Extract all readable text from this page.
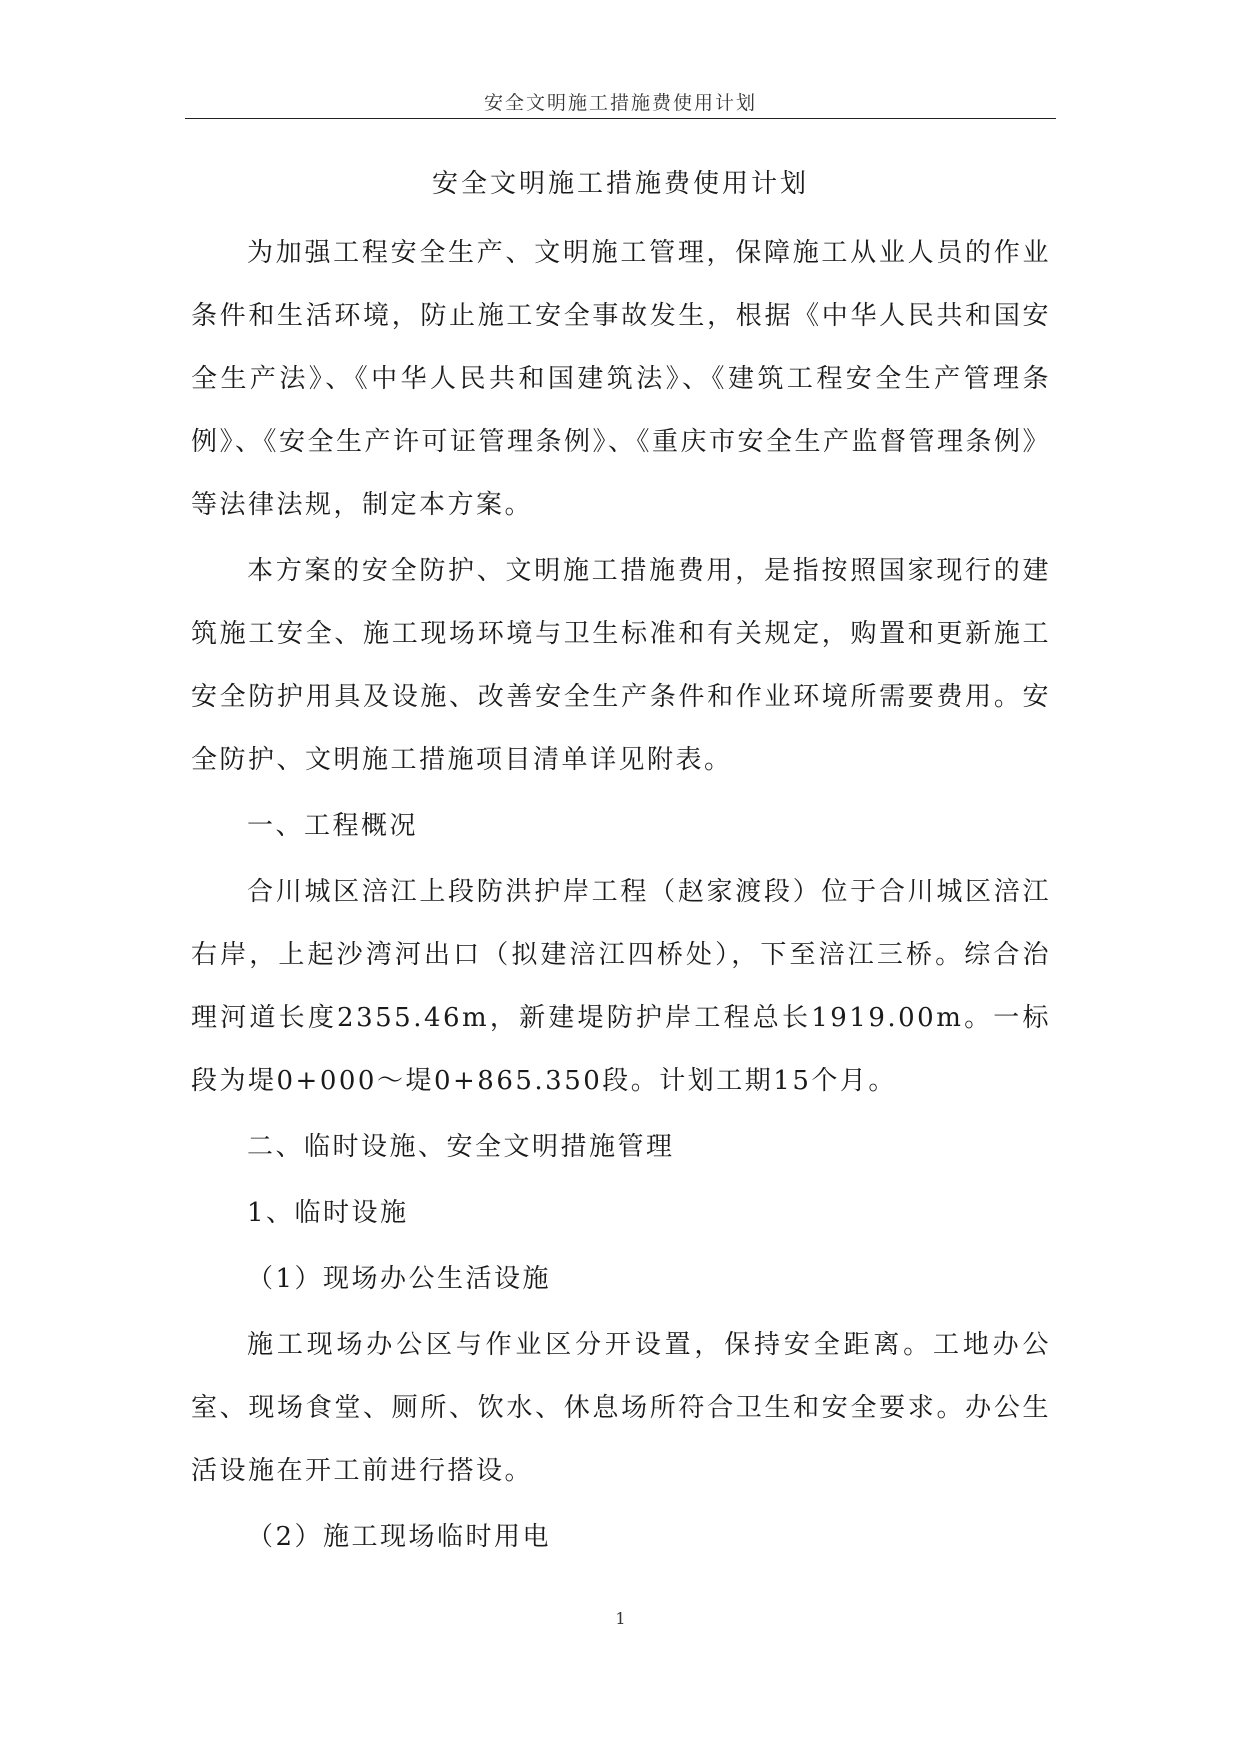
安全文明施工措施费使用计划
安全文明施工措施费使用计划

为加强工程安全生产、文明施工管理，保障施工从业人员的作业条件和生活环境，防止施工安全事故发生，根据《中华人民共和国安全生产法》、《中华人民共和国建筑法》、《建筑工程安全生产管理条例》、《安全生产许可证管理条例》、《重庆市安全生产监督管理条例》等法律法规，制定本方案。

本方案的安全防护、文明施工措施费用，是指按照国家现行的建筑施工安全、施工现场环境与卫生标准和有关规定，购置和更新施工安全防护用具及设施、改善安全生产条件和作业环境所需要费用。安全防护、文明施工措施项目清单详见附表。

一、工程概况

合川城区涪江上段防洪护岸工程（赵家渡段）位于合川城区涪江右岸，上起沙湾河出口（拟建涪江四桥处），下至涪江三桥。综合治理河道长度2355.46m，新建堤防护岸工程总长1919.00m。一标段为堤0+000～堤0+865.350段。计划工期15个月。

二、临时设施、安全文明措施管理

1、临时设施

（1）现场办公生活设施

施工现场办公区与作业区分开设置，保持安全距离。工地办公室、现场食堂、厕所、饮水、休息场所符合卫生和安全要求。办公生活设施在开工前进行搭设。

（2）施工现场临时用电

1
